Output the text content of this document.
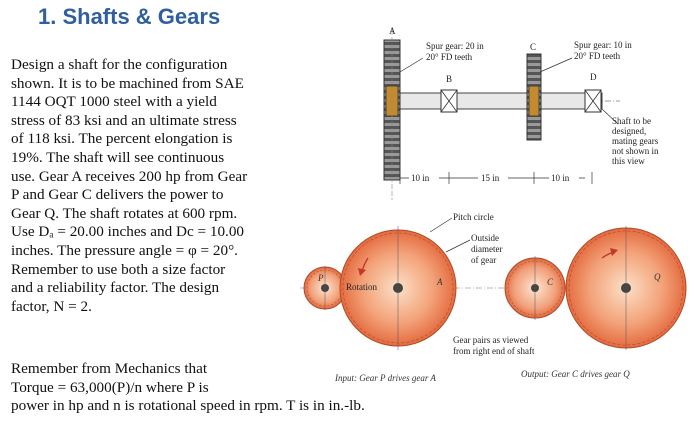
1. Shafts & Gears

Design a shaft for the configuration

shown. It is to be machined from SAE

1144 OQT 1000 steel with a yield

stress of 83 ksi and an ultimate stress

of 118 ksi. The percent elongation is

19%. The shaft will see continuous

use. Gear A receives 200 hp from Gear

P and Gear C delivers the power to

Gear Q. The shaft rotates at 600 rpm.

Use Dₐ = 20.00 inches and Dc = 10.00

inches. The pressure angle = φ = 20°.

Remember to use both a size factor

and a reliability factor. The design

factor, N = 2.

Remember from Mechanics that

Torque = 63,000(P)/n where P is

power in hp and n is rotational speed in rpm. T is in in.-lb.

A
B
C
D
Spur gear: 20 in
20° FD teeth
Spur gear: 10 in
20° FD teeth
Shaft to be
designed,
mating gears
not shown in
this view
10 in	15 in	10 in
P	A
Rotation	C	Q
Pitch circle
Outside
diameter
of gear
Gear pairs as viewed
from right end of shaft
Input: Gear P drives gear A	Output: Gear C drives gear Q
